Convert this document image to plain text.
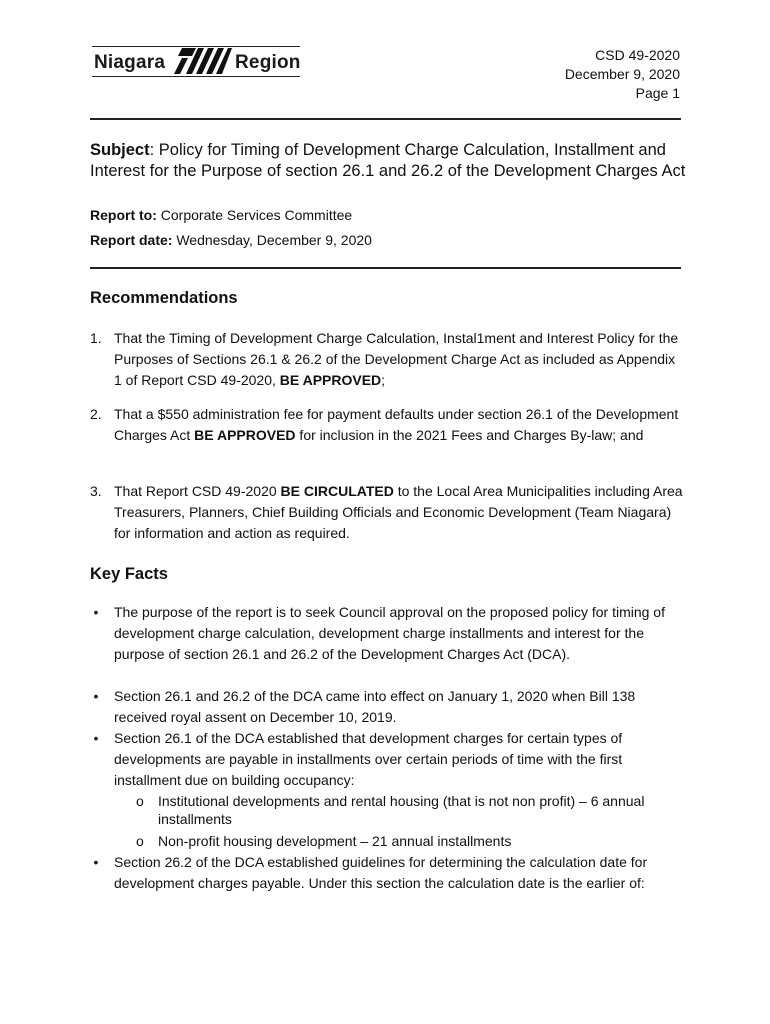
Niagara	Region	CSD 49-2020
December 9, 2020
Page 1
Subject: Policy for Timing of Development Charge Calculation, Installment and Interest for the Purpose of section 26.1 and 26.2 of the Development Charges Act
Report to: Corporate Services Committee
Report date: Wednesday, December 9, 2020
Recommendations
1. That the Timing of Development Charge Calculation, Instal1ment and Interest Policy for the Purposes of Sections 26.1 & 26.2 of the Development Charge Act as included as Appendix 1 of Report CSD 49-2020, BE APPROVED;
2. That a $550 administration fee for payment defaults under section 26.1 of the Development Charges Act BE APPROVED for inclusion in the 2021 Fees and Charges By-law; and
3. That Report CSD 49-2020 BE CIRCULATED to the Local Area Municipalities including Area Treasurers, Planners, Chief Building Officials and Economic Development (Team Niagara) for information and action as required.
Key Facts
• The purpose of the report is to seek Council approval on the proposed policy for timing of development charge calculation, development charge installments and interest for the purpose of section 26.1 and 26.2 of the Development Charges Act (DCA).
• Section 26.1 and 26.2 of the DCA came into effect on January 1, 2020 when Bill 138 received royal assent on December 10, 2019.
• Section 26.1 of the DCA established that development charges for certain types of developments are payable in installments over certain periods of time with the first installment due on building occupancy:
o Institutional developments and rental housing (that is not non profit) – 6 annual installments
o Non-profit housing development – 21 annual installments
• Section 26.2 of the DCA established guidelines for determining the calculation date for development charges payable. Under this section the calculation date is the earlier of:
